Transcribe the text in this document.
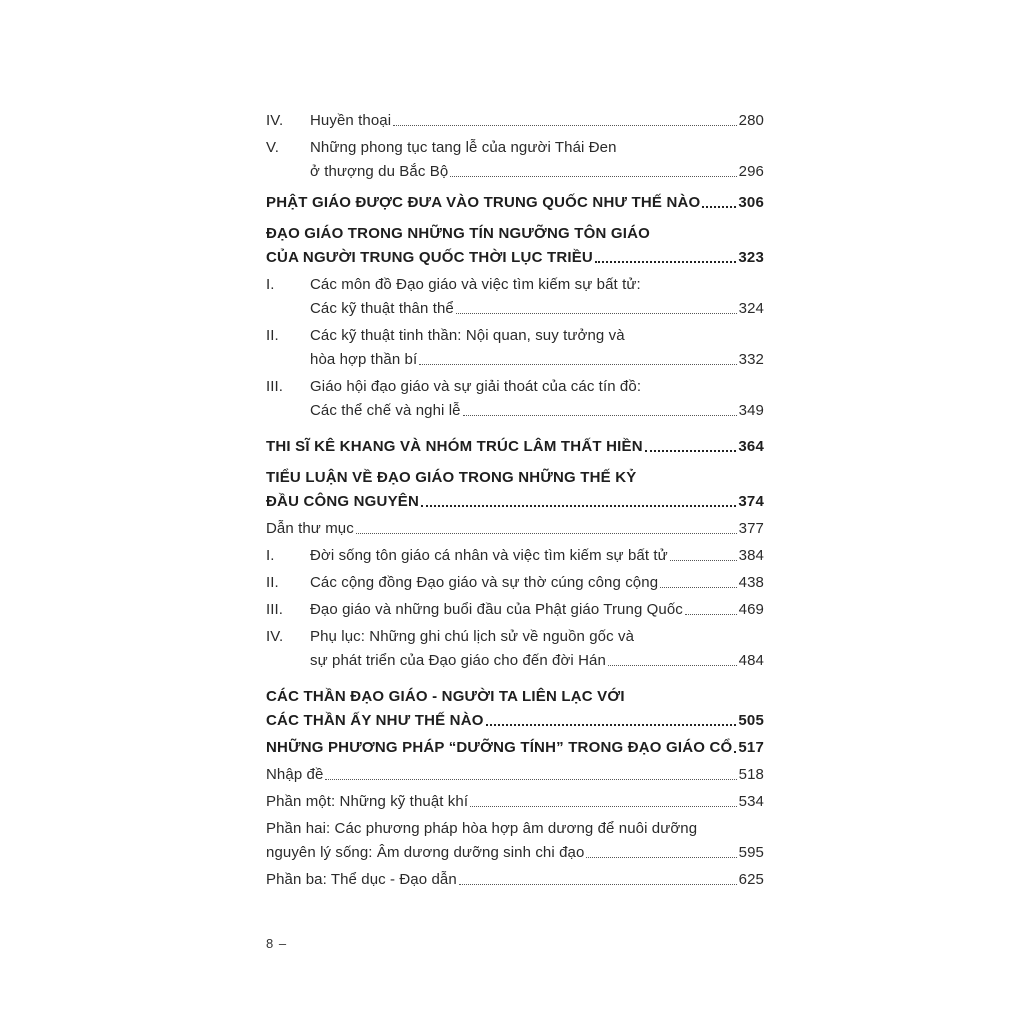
IV. Huyền thoại	280
V. Những phong tục tang lễ của người Thái Đen
ở thượng du Bắc Bộ	296
PHẬT GIÁO ĐƯỢC ĐƯA VÀO TRUNG QUỐC NHƯ THẾ NÀO	306
ĐẠO GIÁO TRONG NHỮNG TÍN NGƯỠNG TÔN GIÁO
CỦA NGƯỜI TRUNG QUỐC THỜI LỤC TRIỀU	323
I. Các môn đồ Đạo giáo và việc tìm kiếm sự bất tử:
Các kỹ thuật thân thể	324
II. Các kỹ thuật tinh thần: Nội quan, suy tưởng và
hòa hợp thần bí	332
III. Giáo hội đạo giáo và sự giải thoát của các tín đồ:
Các thể chế và nghi lễ	349
THI SĨ KÊ KHANG VÀ NHÓM TRÚC LÂM THẤT HIỀN	364
TIỂU LUẬN VỀ ĐẠO GIÁO TRONG NHỮNG THẾ KỶ
ĐẦU CÔNG NGUYÊN	374
Dẫn thư mục	377
I. Đời sống tôn giáo cá nhân và việc tìm kiếm sự bất tử	384
II. Các cộng đồng Đạo giáo và sự thờ cúng công cộng	438
III. Đạo giáo và những buổi đầu của Phật giáo Trung Quốc	469
IV. Phụ lục: Những ghi chú lịch sử về nguồn gốc và
sự phát triển của Đạo giáo cho đến đời Hán	484
CÁC THẦN ĐẠO GIÁO - NGƯỜI TA LIÊN LẠC VỚI
CÁC THẦN ẤY NHƯ THẾ NÀO	505
NHỮNG PHƯƠNG PHÁP “DƯỠNG TÍNH” TRONG ĐẠO GIÁO CỔ 517
Nhập đề	518
Phần một: Những kỹ thuật khí	534
Phần hai: Các phương pháp hòa hợp âm dương để nuôi dưỡng
nguyên lý sống: Âm dương dưỡng sinh chi đạo	595
Phần ba: Thể dục - Đạo dẫn	625
8 –
